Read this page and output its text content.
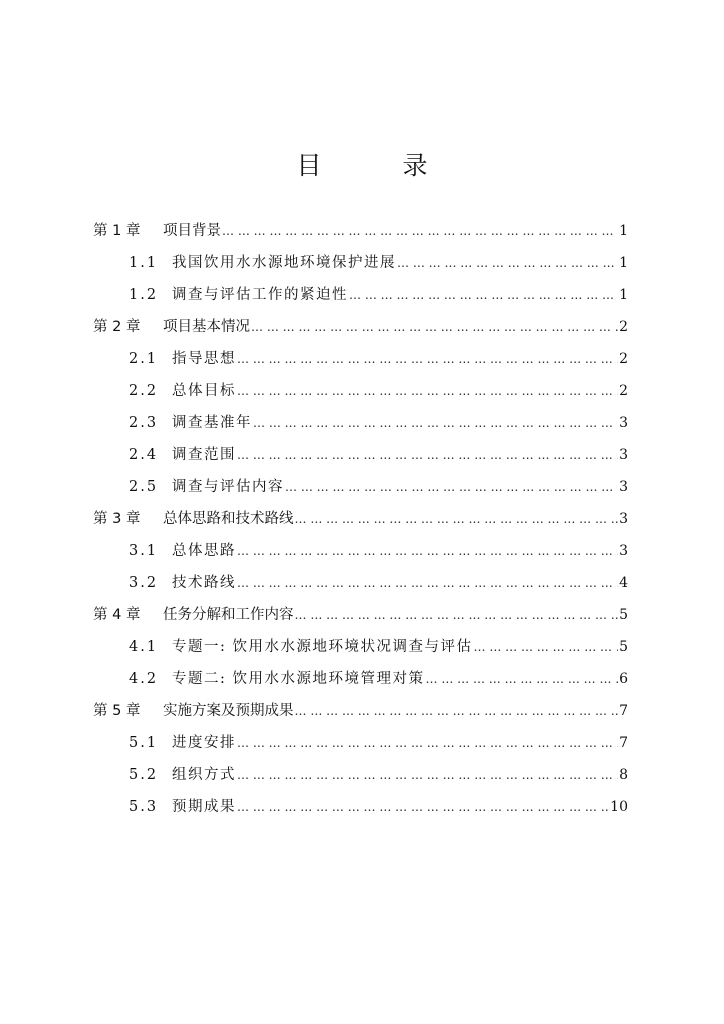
目　录
第 1 章	项目背景 … … … … … … … … … … … … … … … … … … … … … … … … … … … … … … … … … … … … … … … … … … … … … … … … … … … … … … … … …	1
1.1 我国饮用水水源地环境保护进展 … … … … … … … … … … … … … … … … … … … … … … … … … … … … … … … … … … … … … … … … … … … … … … … … … … … … … … … … …	1
1.2 调查与评估工作的紧迫性 … … … … … … … … … … … … … … … … … … … … … … … … … … … … … … … … … … … … … … … … … … … … … … … … … … … … … … … … …	1
第 2 章	项目基本情况 … … … … … … … … … … … … … … … … … … … … … … … … … … … … … … … … … … … … … … … … … … … … … … … … … … … … … … … … …	2
2.1 指导思想 … … … … … … … … … … … … … … … … … … … … … … … … … … … … … … … … … … … … … … … … … … … … … … … … … … … … … … … … …	2
2.2 总体目标 … … … … … … … … … … … … … … … … … … … … … … … … … … … … … … … … … … … … … … … … … … … … … … … … … … … … … … … … …	2
2.3 调查基准年 … … … … … … … … … … … … … … … … … … … … … … … … … … … … … … … … … … … … … … … … … … … … … … … … … … … … … … … … …	3
2.4 调查范围 … … … … … … … … … … … … … … … … … … … … … … … … … … … … … … … … … … … … … … … … … … … … … … … … … … … … … … … … …	3
2.5 调查与评估内容 … … … … … … … … … … … … … … … … … … … … … … … … … … … … … … … … … … … … … … … … … … … … … … … … … … … … … … … … …	3
第 3 章	总体思路和技术路线 … … … … … … … … … … … … … … … … … … … … … … … … … … … … … … … … … … … … … … … … … … … … … … … … … … … … … … … … …	3
3.1 总体思路 … … … … … … … … … … … … … … … … … … … … … … … … … … … … … … … … … … … … … … … … … … … … … … … … … … … … … … … … …	3
3.2 技术路线 … … … … … … … … … … … … … … … … … … … … … … … … … … … … … … … … … … … … … … … … … … … … … … … … … … … … … … … … …	4
第 4 章	任务分解和工作内容 … … … … … … … … … … … … … … … … … … … … … … … … … … … … … … … … … … … … … … … … … … … … … … … … … … … … … … … … …	5
4.1 专题一: 饮用水水源地环境状况调查与评估 … … … … … … … … … … … … … … … … … … … … … … … … … … … … … … … … … … … … … … … … … … … … … … … … … … … … … … … … …	5
4.2 专题二: 饮用水水源地环境管理对策 … … … … … … … … … … … … … … … … … … … … … … … … … … … … … … … … … … … … … … … … … … … … … … … … … … … … … … … … …	6
第 5 章	实施方案及预期成果 … … … … … … … … … … … … … … … … … … … … … … … … … … … … … … … … … … … … … … … … … … … … … … … … … … … … … … … … …	7
5.1 进度安排 … … … … … … … … … … … … … … … … … … … … … … … … … … … … … … … … … … … … … … … … … … … … … … … … … … … … … … … … …	7
5.2 组织方式 … … … … … … … … … … … … … … … … … … … … … … … … … … … … … … … … … … … … … … … … … … … … … … … … … … … … … … … … …	8
5.3 预期成果 … … … … … … … … … … … … … … … … … … … … … … … … … … … … … … … … … … … … … … … … … … … … … … … … … … … … … … … … …	10
